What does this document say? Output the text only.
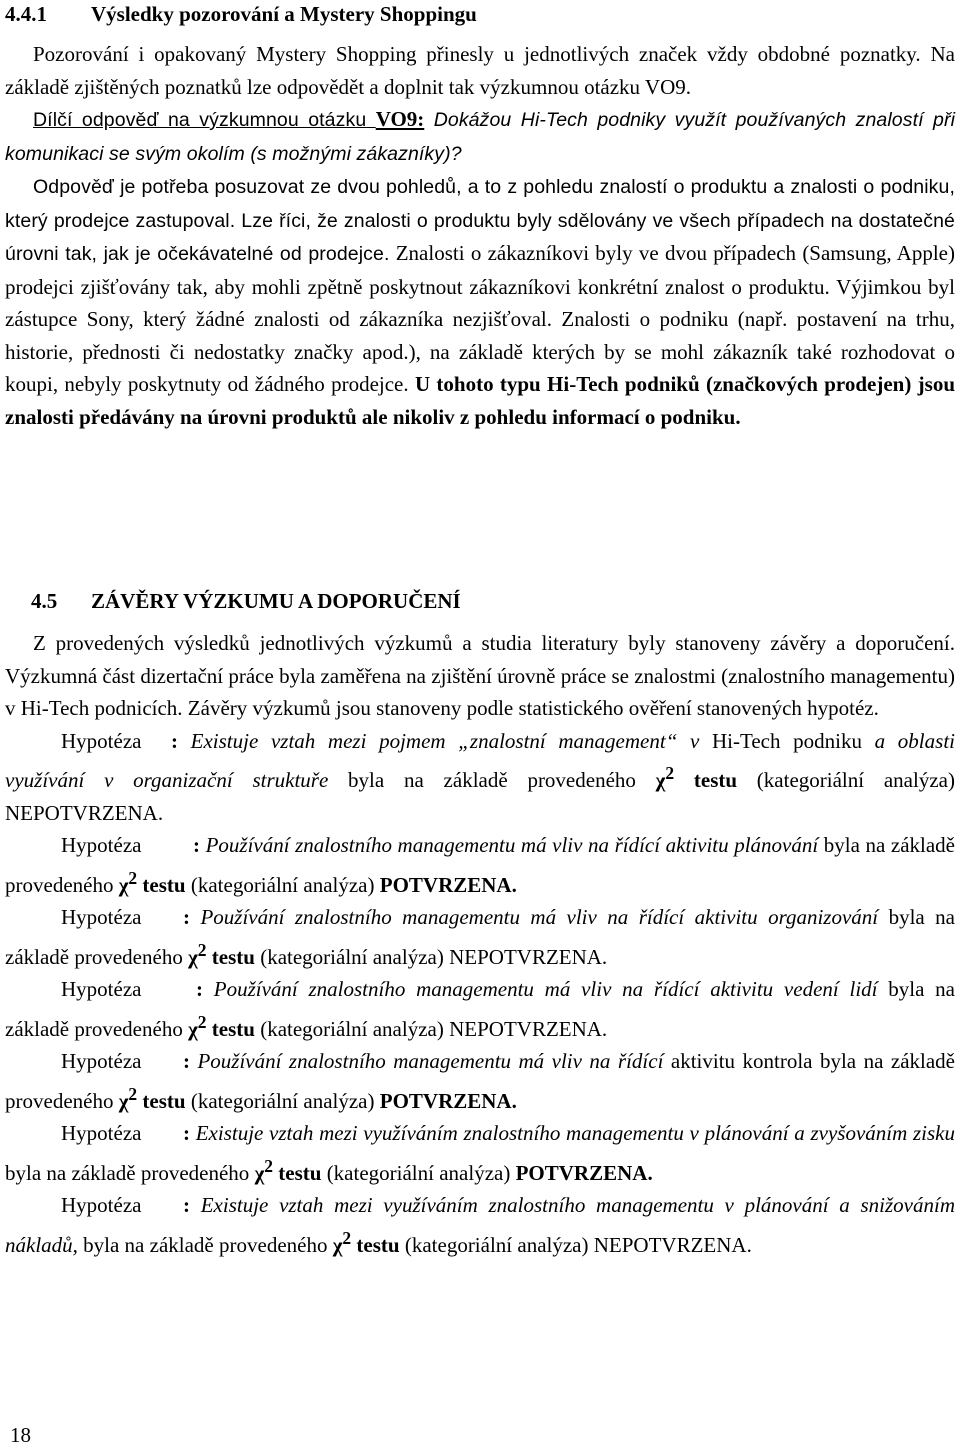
4.4.1 Výsledky pozorování a Mystery Shoppingu

Pozorování i opakovaný Mystery Shopping přinesly u jednotlivých značek vždy obdobné poznatky. Na základě zjištěných poznatků lze odpovědět a doplnit tak výzkumnou otázku VO9.

Dílčí odpověď na výzkumnou otázku VO9: Dokážou Hi-Tech podniky využít používaných znalostí při komunikaci se svým okolím (s možnými zákazníky)?

Odpověď je potřeba posuzovat ze dvou pohledů, a to z pohledu znalostí o produktu a znalosti o podniku, který prodejce zastupoval. Lze říci, že znalosti o produktu byly sdělovány ve všech případech na dostatečné úrovni tak, jak je očekávatelné od prodejce. Znalosti o zákazníkovi byly ve dvou případech (Samsung, Apple) prodejci zjišťovány tak, aby mohli zpětně poskytnout zákazníkovi konkrétní znalost o produktu. Výjimkou byl zástupce Sony, který žádné znalosti od zákazníka nezjišťoval. Znalosti o podniku (např. postavení na trhu, historie, přednosti či nedostatky značky apod.), na základě kterých by se mohl zákazník také rozhodovat o koupi, nebyly poskytnuty od žádného prodejce. U tohoto typu Hi-Tech podniků (značkových prodejen) jsou znalosti předávány na úrovni produktů ale nikoliv z pohledu informací o podniku.

4.5 ZÁVĚRY VÝZKUMU A DOPORUČENÍ

Z provedených výsledků jednotlivých výzkumů a studia literatury byly stanoveny závěry a doporučení. Výzkumná část dizertační práce byla zaměřena na zjištění úrovně práce se znalostmi (znalostního managementu) v Hi-Tech podnicích. Závěry výzkumů jsou stanoveny podle statistického ověření stanovených hypotéz.

Hypotéza : Existuje vztah mezi pojmem „znalostní management“ v Hi-Tech podniku a oblasti využívání v organizační struktuře byla na základě provedeného $\chi^2$ testu (kategoriální analýza) NEPOTVRZENA.

Hypotéza : Používání znalostního managementu má vliv na řídící aktivitu plánování byla na základě provedeného $\chi^2$ testu (kategoriální analýza) POTVRZENA.

Hypotéza : Používání znalostního managementu má vliv na řídící aktivitu organizování byla na základě provedeného $\chi^2$ testu (kategoriální analýza) NEPOTVRZENA.

Hypotéza	: Používání znalostního managementu má vliv na řídící aktivitu vedení lidí byla na základě provedeného $\chi^2$ testu (kategoriální analýza) NEPOTVRZENA.

Hypotéza : Používání znalostního managementu má vliv na řídící aktivitu kontrola byla na základě provedeného $\chi^2$ testu (kategoriální analýza) POTVRZENA.

Hypotéza : Existuje vztah mezi využíváním znalostního managementu v plánování a zvyšováním zisku byla na základě provedeného $\chi^2$ testu (kategoriální analýza) POTVRZENA.

Hypotéza : Existuje vztah mezi využíváním znalostního managementu v plánování a snižováním nákladů, byla na základě provedeného $\chi^2$ testu (kategoriální analýza) NEPOTVRZENA.

18
